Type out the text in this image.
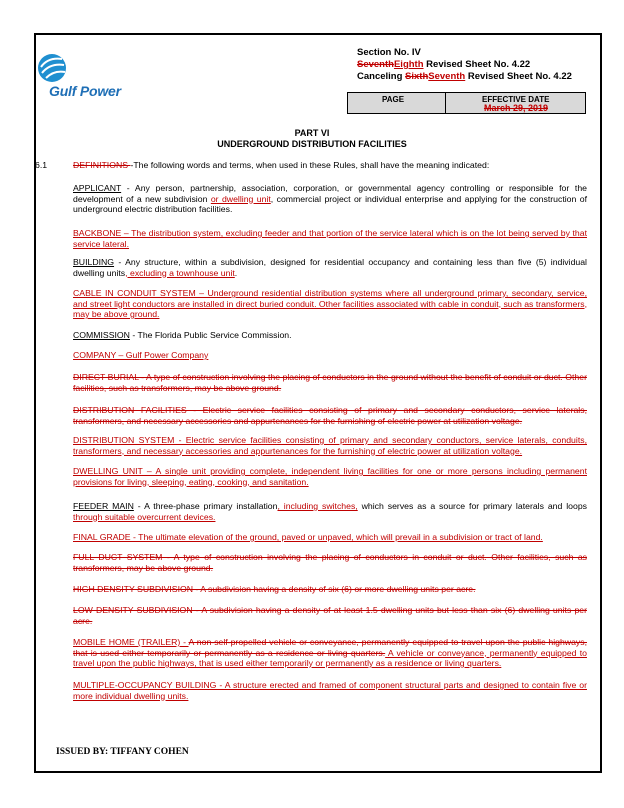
Gulf Power
Section No. IV
SeventhEighth Revised Sheet No. 4.22
Canceling SixthSeventh Revised Sheet No. 4.22
PAGE	EFFECTIVE DATE
March 29, 2019
PART VI
UNDERGROUND DISTRIBUTION FACILITIES
6.1	DEFINITIONS -The following words and terms, when used in these Rules, shall have the meaning indicated:
APPLICANT - Any person, partnership, association, corporation, or governmental agency controlling or responsible for the development of a new subdivision or dwelling unit, commercial project or individual enterprise and applying for the construction of underground electric distribution facilities.
BACKBONE – The distribution system, excluding feeder and that portion of the service lateral which is on the lot being served by that service lateral.
BUILDING - Any structure, within a subdivision, designed for residential occupancy and containing less than five (5) individual dwelling units, excluding a townhouse unit.
CABLE IN CONDUIT SYSTEM – Underground residential distribution systems where all underground primary, secondary, service, and street light conductors are installed in direct buried conduit. Other facilities associated with cable in conduit, such as transformers, may be above ground.
COMMISSION - The Florida Public Service Commission.
COMPANY – Gulf Power Company
DIRECT BURIAL - A type of construction involving the placing of conductors in the ground without the benefit of conduit or duct. Other facilities, such as transformers, may be above ground.
DISTRIBUTION FACILITIES - Electric service facilities consisting of primary and secondary conductors, service laterals, transformers, and necessary accessories and appurtenances for the furnishing of electric power at utilization voltage.
DISTRIBUTION SYSTEM - Electric service facilities consisting of primary and secondary conductors, service laterals, conduits, transformers, and necessary accessories and appurtenances for the furnishing of electric power at utilization voltage.
DWELLING UNIT – A single unit providing complete, independent living facilities for one or more persons including permanent provisions for living, sleeping, eating, cooking, and sanitation.
FEEDER MAIN - A three-phase primary installation, including switches, which serves as a source for primary laterals and loops through suitable overcurrent devices.
FINAL GRADE - The ultimate elevation of the ground, paved or unpaved, which will prevail in a subdivision or tract of land.
FULL DUCT SYSTEM - A type of construction involving the placing of conductors in conduit or duct. Other facilities, such as transformers, may be above ground.
HIGH DENSITY SUBDIVISION - A subdivision having a density of six (6) or more dwelling units per acre.
LOW DENSITY SUBDIVISION - A subdivision having a density of at least 1.5 dwelling units but less than six (6) dwelling units per acre.
MOBILE HOME (TRAILER) - A non-self-propelled vehicle or conveyance, permanently equipped to travel upon the public highways, that is used either temporarily or permanently as a residence or living quarters. A vehicle or conveyance, permanently equipped to travel upon the public highways, that is used either temporarily or permanently as a residence or living quarters.
MULTIPLE-OCCUPANCY BUILDING - A structure erected and framed of component structural parts and designed to contain five or more individual dwelling units.
ISSUED BY: TIFFANY COHEN
